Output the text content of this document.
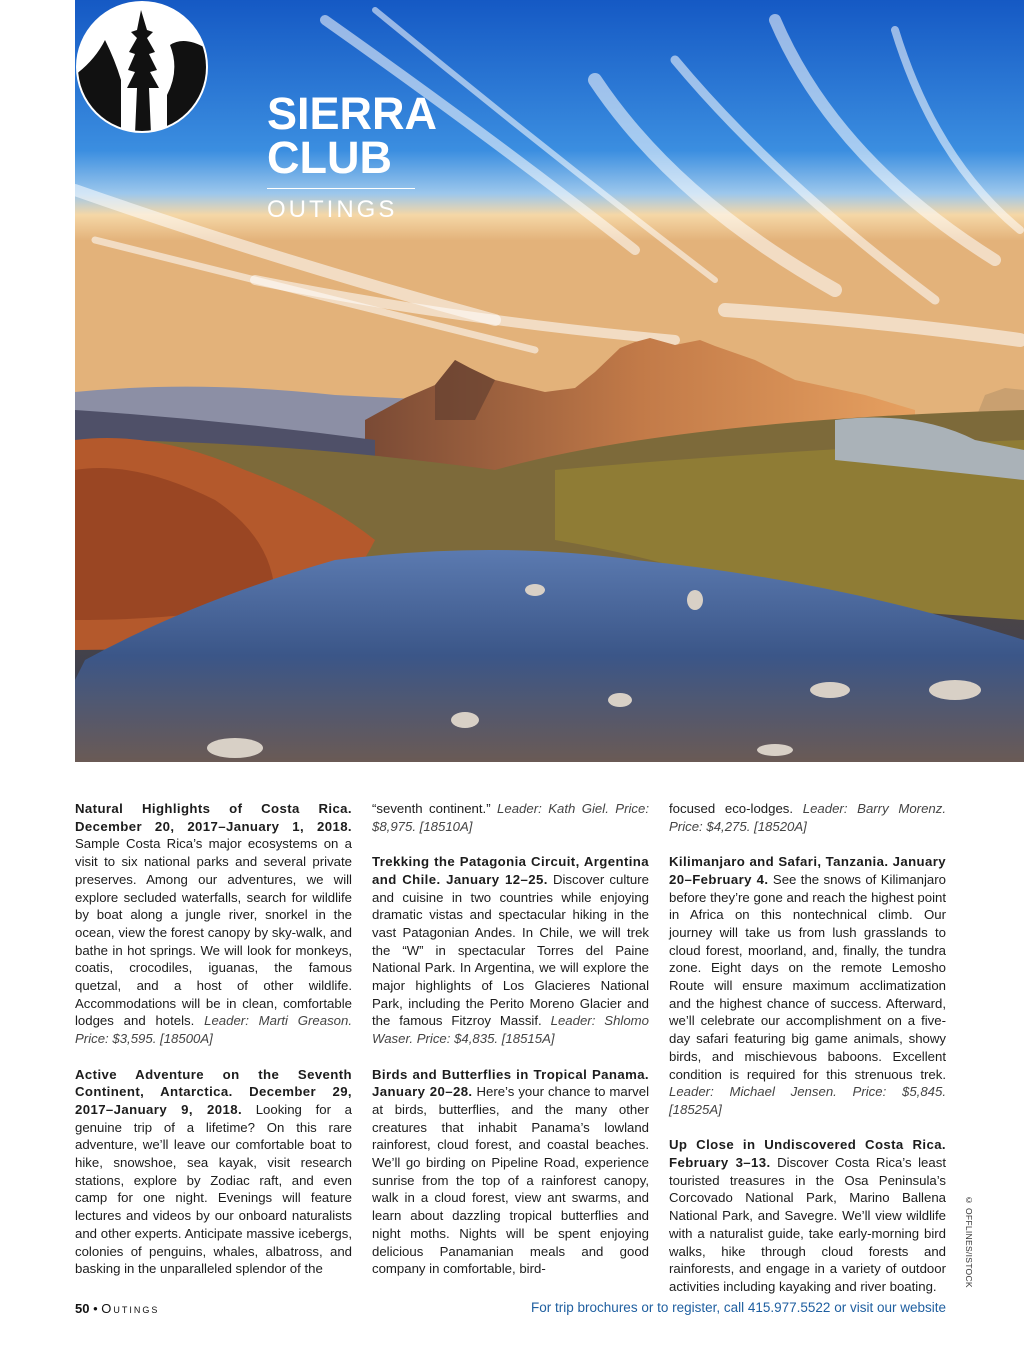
SIERRA
CLUB
OUTINGS

Natural Highlights of Costa Rica. December 20, 2017–January 1, 2018. Sample Costa Rica’s major ecosystems on a visit to six national parks and several private preserves. Among our adventures, we will explore secluded waterfalls, search for wildlife by boat along a jungle river, snorkel in the ocean, view the forest canopy by sky-walk, and bathe in hot springs. We will look for monkeys, coatis, crocodiles, iguanas, the famous quetzal, and a host of other wildlife. Accommodations will be in clean, comfortable lodges and hotels. Leader: Marti Greason. Price: $3,595. [18500A]

Active Adventure on the Seventh Continent, Antarctica. December 29, 2017–January 9, 2018. Looking for a genuine trip of a lifetime? On this rare adventure, we’ll leave our comfortable boat to hike, snowshoe, sea kayak, visit research stations, explore by Zodiac raft, and even camp for one night. Evenings will feature lectures and videos by our onboard naturalists and other experts. Anticipate massive icebergs, colonies of penguins, whales, albatross, and basking in the unparalleled splendor of the

“seventh continent.” Leader: Kath Giel. Price: $8,975. [18510A]

Trekking the Patagonia Circuit, Argentina and Chile. January 12–25. Discover culture and cuisine in two countries while enjoying dramatic vistas and spectacular hiking in the vast Patagonian Andes. In Chile, we will trek the “W” in spectacular Torres del Paine National Park. In Argentina, we will explore the major highlights of Los Glacieres National Park, including the Perito Moreno Glacier and the famous Fitzroy Massif. Leader: Shlomo Waser. Price: $4,835. [18515A]

Birds and Butterflies in Tropical Panama. January 20–28. Here’s your chance to marvel at birds, butterflies, and the many other creatures that inhabit Panama’s lowland rainforest, cloud forest, and coastal beaches. We’ll go birding on Pipeline Road, experience sunrise from the top of a rainforest canopy, walk in a cloud forest, view ant swarms, and learn about dazzling tropical butterflies and night moths. Nights will be spent enjoying delicious Panamanian meals and good company in comfortable, bird-

focused eco-lodges. Leader: Barry Morenz. Price: $4,275. [18520A]

Kilimanjaro and Safari, Tanzania. January 20–February 4. See the snows of Kilimanjaro before they’re gone and reach the highest point in Africa on this nontechnical climb. Our journey will take us from lush grasslands to cloud forest, moorland, and, finally, the tundra zone. Eight days on the remote Lemosho Route will ensure maximum acclimatization and the highest chance of success. Afterward, we’ll celebrate our accomplishment on a five-day safari featuring big game animals, showy birds, and mischievous baboons. Excellent condition is required for this strenuous trek. Leader: Michael Jensen. Price: $5,845. [18525A]

Up Close in Undiscovered Costa Rica. February 3–13. Discover Costa Rica’s least touristed treasures in the Osa Peninsula’s Corcovado National Park, Marino Ballena National Park, and Savegre. We’ll view wildlife with a naturalist guide, take early-morning bird walks, hike through cloud forests and rainforests, and engage in a variety of outdoor activities including kayaking and river boating.	© OFFLINES/ISTOCK
50 • Outings	For trip brochures or to register, call 415.977.5522 or visit our website
